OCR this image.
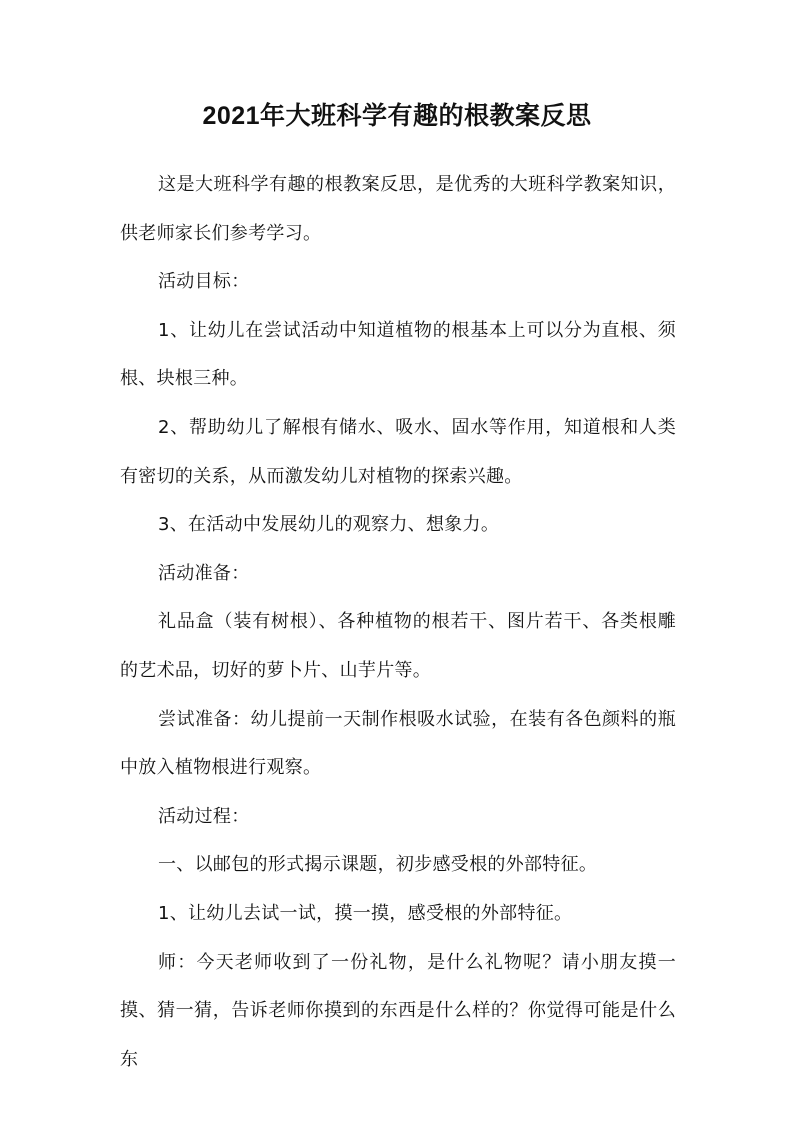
2021年大班科学有趣的根教案反思

这是大班科学有趣的根教案反思，是优秀的大班科学教案知识，供老师家长们参考学习。

活动目标：

1、让幼儿在尝试活动中知道植物的根基本上可以分为直根、须根、块根三种。

2、帮助幼儿了解根有储水、吸水、固水等作用，知道根和人类有密切的关系，从而激发幼儿对植物的探索兴趣。

3、在活动中发展幼儿的观察力、想象力。

活动准备：

礼品盒（装有树根）、各种植物的根若干、图片若干、各类根雕的艺术品，切好的萝卜片、山芋片等。

尝试准备：幼儿提前一天制作根吸水试验，在装有各色颜料的瓶中放入植物根进行观察。

活动过程：

一、以邮包的形式揭示课题，初步感受根的外部特征。

1、让幼儿去试一试，摸一摸，感受根的外部特征。

师：今天老师收到了一份礼物，是什么礼物呢？请小朋友摸一摸、猜一猜，告诉老师你摸到的东西是什么样的？你觉得可能是什么东
